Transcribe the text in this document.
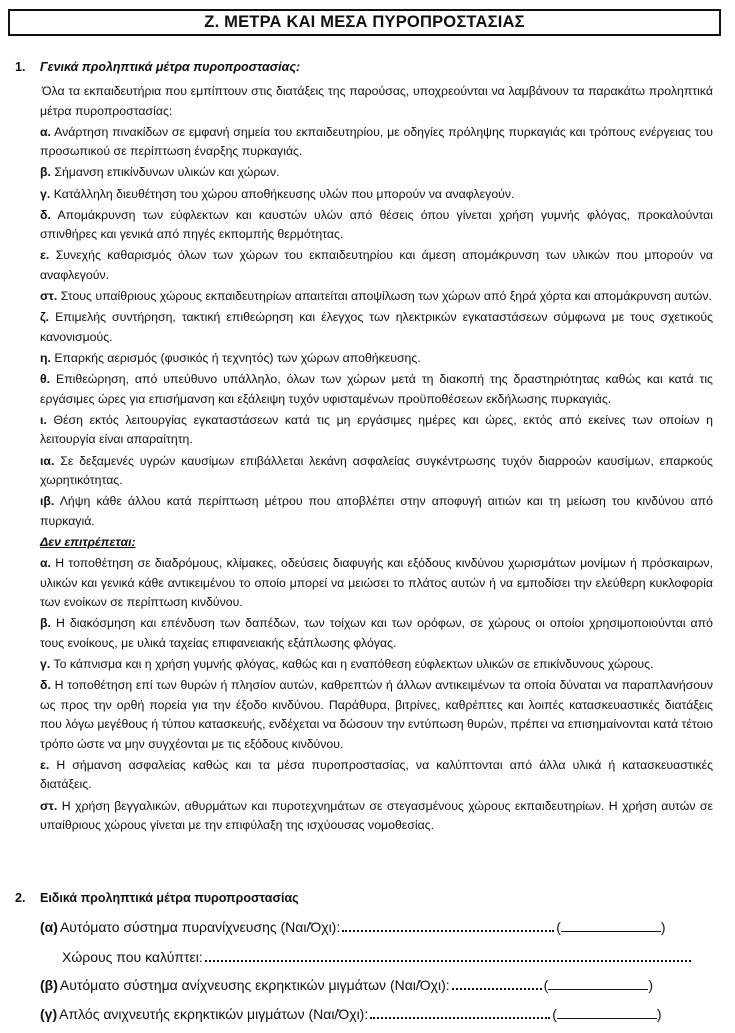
Ζ. ΜΕΤΡΑ ΚΑΙ ΜΕΣΑ ΠΥΡΟΠΡΟΣΤΑΣΙΑΣ
1. Γενικά προληπτικά μέτρα πυροπροστασίας:

Όλα τα εκπαιδευτήρια που εμπίπτουν στις διατάξεις της παρούσας, υποχρεούνται να λαμβάνουν τα παρακάτω προληπτικά μέτρα πυροπροστασίας:

α. Ανάρτηση πινακίδων σε εμφανή σημεία του εκπαιδευτηρίου, με οδηγίες πρόληψης πυρκαγιάς και τρόπους ενέργειας του προσωπικού σε περίπτωση έναρξης πυρκαγιάς.

β. Σήμανση επικίνδυνων υλικών και χώρων.

γ. Κατάλληλη διευθέτηση του χώρου αποθήκευσης υλών που μπορούν να αναφλεγούν.

δ. Απομάκρυνση των εύφλεκτων και καυστών υλών από θέσεις όπου γίνεται χρήση γυμνής φλόγας, προκαλούνται σπινθήρες και γενικά από πηγές εκπομπής θερμότητας.

ε. Συνεχής καθαρισμός όλων των χώρων του εκπαιδευτηρίου και άμεση απομάκρυνση των υλικών που μπορούν να αναφλεγούν.

στ. Στους υπαίθριους χώρους εκπαιδευτηρίων απαιτείται αποψίλωση των χώρων από ξηρά χόρτα και απομάκρυνση αυτών.

ζ. Επιμελής συντήρηση, τακτική επιθεώρηση και έλεγχος των ηλεκτρικών εγκαταστάσεων σύμφωνα με τους σχετικούς κανονισμούς.

η. Επαρκής αερισμός (φυσικός ή τεχνητός) των χώρων αποθήκευσης.

θ. Επιθεώρηση, από υπεύθυνο υπάλληλο, όλων των χώρων μετά τη διακοπή της δραστηριότητας καθώς και κατά τις εργάσιμες ώρες για επισήμανση και εξάλειψη τυχόν υφισταμένων προϋποθέσεων εκδήλωσης πυρκαγιάς.

ι. Θέση εκτός λειτουργίας εγκαταστάσεων κατά τις μη εργάσιμες ημέρες και ώρες, εκτός από εκείνες των οποίων η λειτουργία είναι απαραίτητη.

ια. Σε δεξαμενές υγρών καυσίμων επιβάλλεται λεκάνη ασφαλείας συγκέντρωσης τυχόν διαρροών καυσίμων, επαρκούς χωρητικότητας.

ιβ. Λήψη κάθε άλλου κατά περίπτωση μέτρου που αποβλέπει στην αποφυγή αιτιών και τη μείωση του κινδύνου από πυρκαγιά.

Δεν επιτρέπεται:

α. Η τοποθέτηση σε διαδρόμους, κλίμακες, οδεύσεις διαφυγής και εξόδους κινδύνου χωρισμάτων μονίμων ή πρόσκαιρων, υλικών και γενικά κάθε αντικειμένου το οποίο μπορεί να μειώσει το πλάτος αυτών ή να εμποδίσει την ελεύθερη κυκλοφορία των ενοίκων σε περίπτωση κινδύνου.

β. Η διακόσμηση και επένδυση των δαπέδων, των τοίχων και των ορόφων, σε χώρους οι οποίοι χρησιμοποιούνται από τους ενοίκους, με υλικά ταχείας επιφανειακής εξάπλωσης φλόγας.

γ. Το κάπνισμα και η χρήση γυμνής φλόγας, καθώς και η εναπόθεση εύφλεκτων υλικών σε επικίνδυνους χώρους.

δ. Η τοποθέτηση επί των θυρών ή πλησίον αυτών, καθρεπτών ή άλλων αντικειμένων τα οποία δύναται να παραπλανήσουν ως προς την ορθή πορεία για την έξοδο κινδύνου. Παράθυρα, βιτρίνες, καθρέπτες και λοιπές κατασκευαστικές διατάξεις που λόγω μεγέθους ή τύπου κατασκευής, ενδέχεται να δώσουν την εντύπωση θυρών, πρέπει να επισημαίνονται κατά τέτοιο τρόπο ώστε να μην συγχέονται με τις εξόδους κινδύνου.

ε. Η σήμανση ασφαλείας καθώς και τα μέσα πυροπροστασίας, να καλύπτονται από άλλα υλικά ή κατασκευαστικές διατάξεις.

στ. Η χρήση βεγγαλικών, αθυρμάτων και πυροτεχνημάτων σε στεγασμένους χώρους εκπαιδευτηρίων. Η χρήση αυτών σε υπαίθριους χώρους γίνεται με την επιφύλαξη της ισχύουσας νομοθεσίας.

2. Ειδικά προληπτικά μέτρα πυροπροστασίας
(α) Αυτόματο σύστημα πυρανίχνευσης (Ναι/Όχι):	(	)
Χώρους που καλύπτει:
(β) Αυτόματο σύστημα ανίχνευσης εκρηκτικών μιγμάτων (Ναι/Όχι):	(	)
(γ) Απλός ανιχνευτής εκρηκτικών μιγμάτων (Ναι/Όχι):	(	)
